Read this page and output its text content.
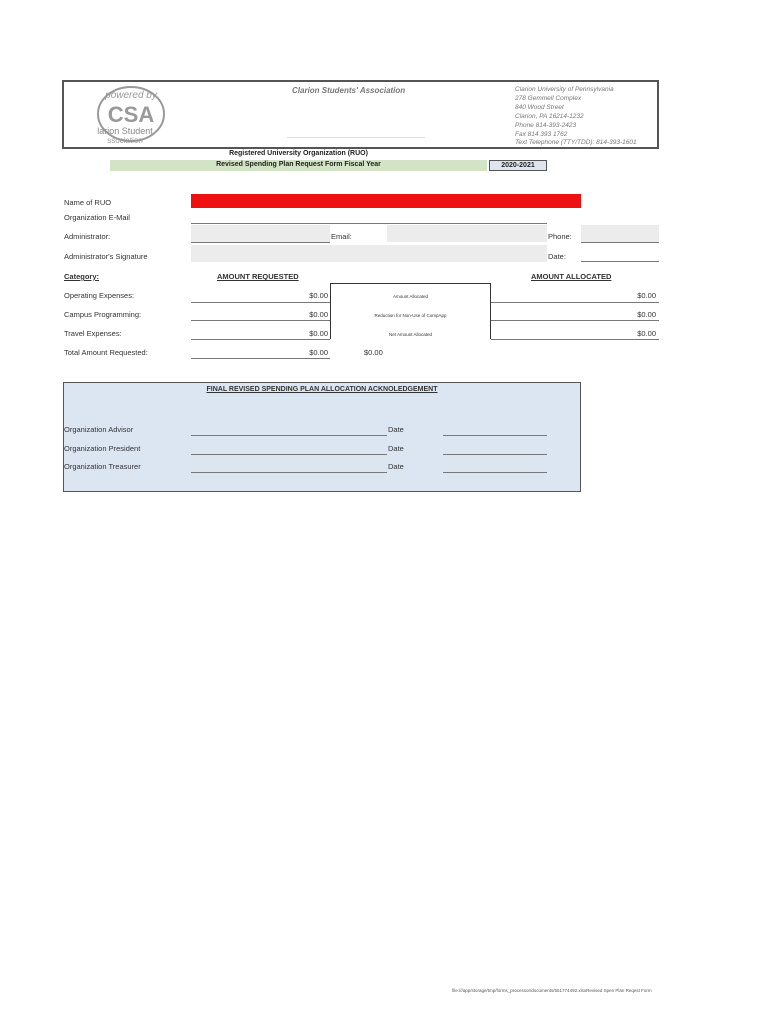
powered by
CSA
larion Student
ssociation
Clarion Students' Association	Clarion University of Pennsylvania
278 Gemmell Complex
840 Wood Street
Clarion, PA 16214-1232
Phone 814-393-2423
Fax 814 393 1762
Text Telephone (TTY/TDD): 814-393-1601
Registered University Organization (RUO)
Revised Spending Plan Request Form Fiscal Year	2020-2021
Name of RUO
Organization E-Mail
Administrator:	Email:	Phone:
Administrator's Signature	Date:
Category:	AMOUNT REQUESTED	AMOUNT ALLOCATED
Operating Expenses:	$0.00	Amount Allocated	$0.00
Campus Programming:	$0.00	Reduction for Non-Use of CompApp	$0.00
Travel Expenses:	$0.00	Net Amount Allocated	$0.00
Total Amount Requested:	$0.00	$0.00
FINAL REVISED SPENDING PLAN ALLOCATION ACKNOLEDGEMENT
Organization Advisor	Date
Organization President	Date
Organization Treasurer	Date
file:///app/storage/tmp/forms_processor/documents/551774492.xlsxRevised Spen Plan Reqest Form
